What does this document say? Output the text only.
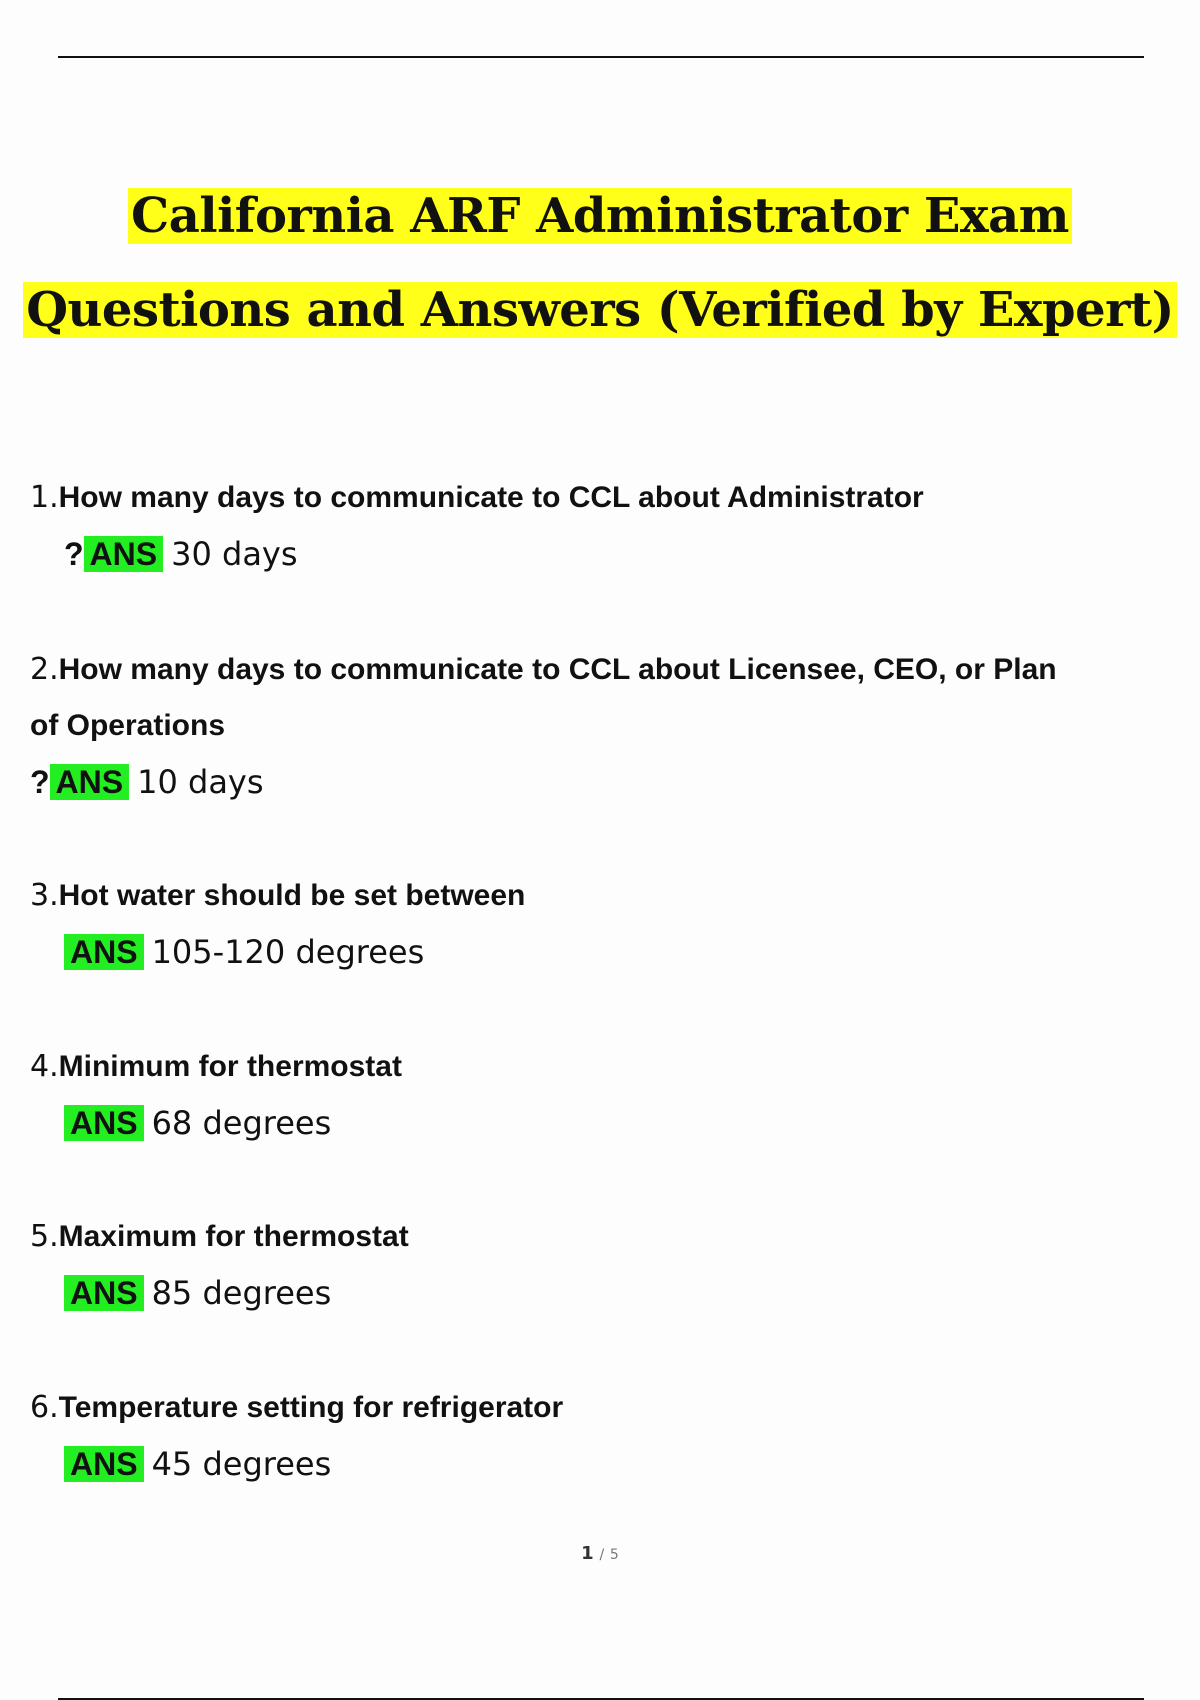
California ARF Administrator Exam
Questions and Answers (Verified by Expert)
1.How many days to communicate to CCL about Administrator
? ANS 30 days
2.How many days to communicate to CCL about Licensee, CEO, or Plan
of Operations
? ANS 10 days
3.Hot water should be set between
ANS 105-120 degrees
4.Minimum for thermostat
ANS 68 degrees
5.Maximum for thermostat
ANS 85 degrees
6.Temperature setting for refrigerator
ANS 45 degrees
1 / 5
